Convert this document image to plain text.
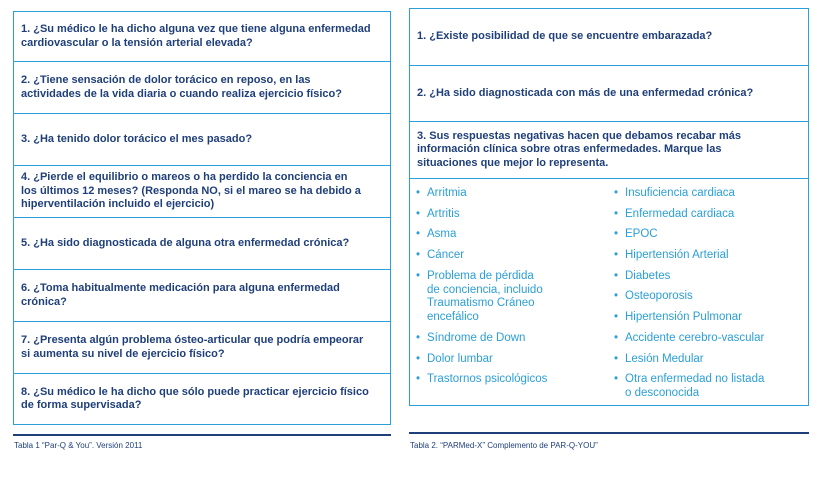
1. ¿Su médico le ha dicho alguna vez que tiene alguna enfermedad
cardiovascular o la tensión arterial elevada?
2. ¿Tiene sensación de dolor torácico en reposo, en las
actividades de la vida diaria o cuando realiza ejercicio físico?
3. ¿Ha tenido dolor torácico el mes pasado?
4. ¿Pierde el equilibrio o mareos o ha perdido la conciencia en
los últimos 12 meses? (Responda NO, si el mareo se ha debido a
hiperventilación incluido el ejercicio)
5. ¿Ha sido diagnosticada de alguna otra enfermedad crónica?
6. ¿Toma habitualmente medicación para alguna enfermedad
crónica?
7. ¿Presenta algún problema ósteo-articular que podría empeorar
si aumenta su nivel de ejercicio físico?
8. ¿Su médico le ha dicho que sólo puede practicar ejercicio físico
de forma supervisada?
Tabla 1 “Par-Q & You”. Versión 2011
1. ¿Existe posibilidad de que se encuentre embarazada?
2. ¿Ha sido diagnosticada con más de una enfermedad crónica?
3. Sus respuestas negativas hacen que debamos recabar más
información clínica sobre otras enfermedades. Marque las
situaciones que mejor lo representa.
• Arritmia
• Artritis
• Asma
• Cáncer
• Problema de pérdida
de conciencia, incluido
Traumatismo Cráneo
encefálico
• Síndrome de Down
• Dolor lumbar
• Trastornos psicológicos
• Insuficiencia cardiaca
• Enfermedad cardiaca
• EPOC
• Hipertensión Arterial
• Diabetes
• Osteoporosis
• Hipertensión Pulmonar
• Accidente cerebro-vascular
• Lesión Medular
• Otra enfermedad no listada
o desconocida
Tabla 2. “PARMed-X” Complemento de PAR-Q-YOU”
